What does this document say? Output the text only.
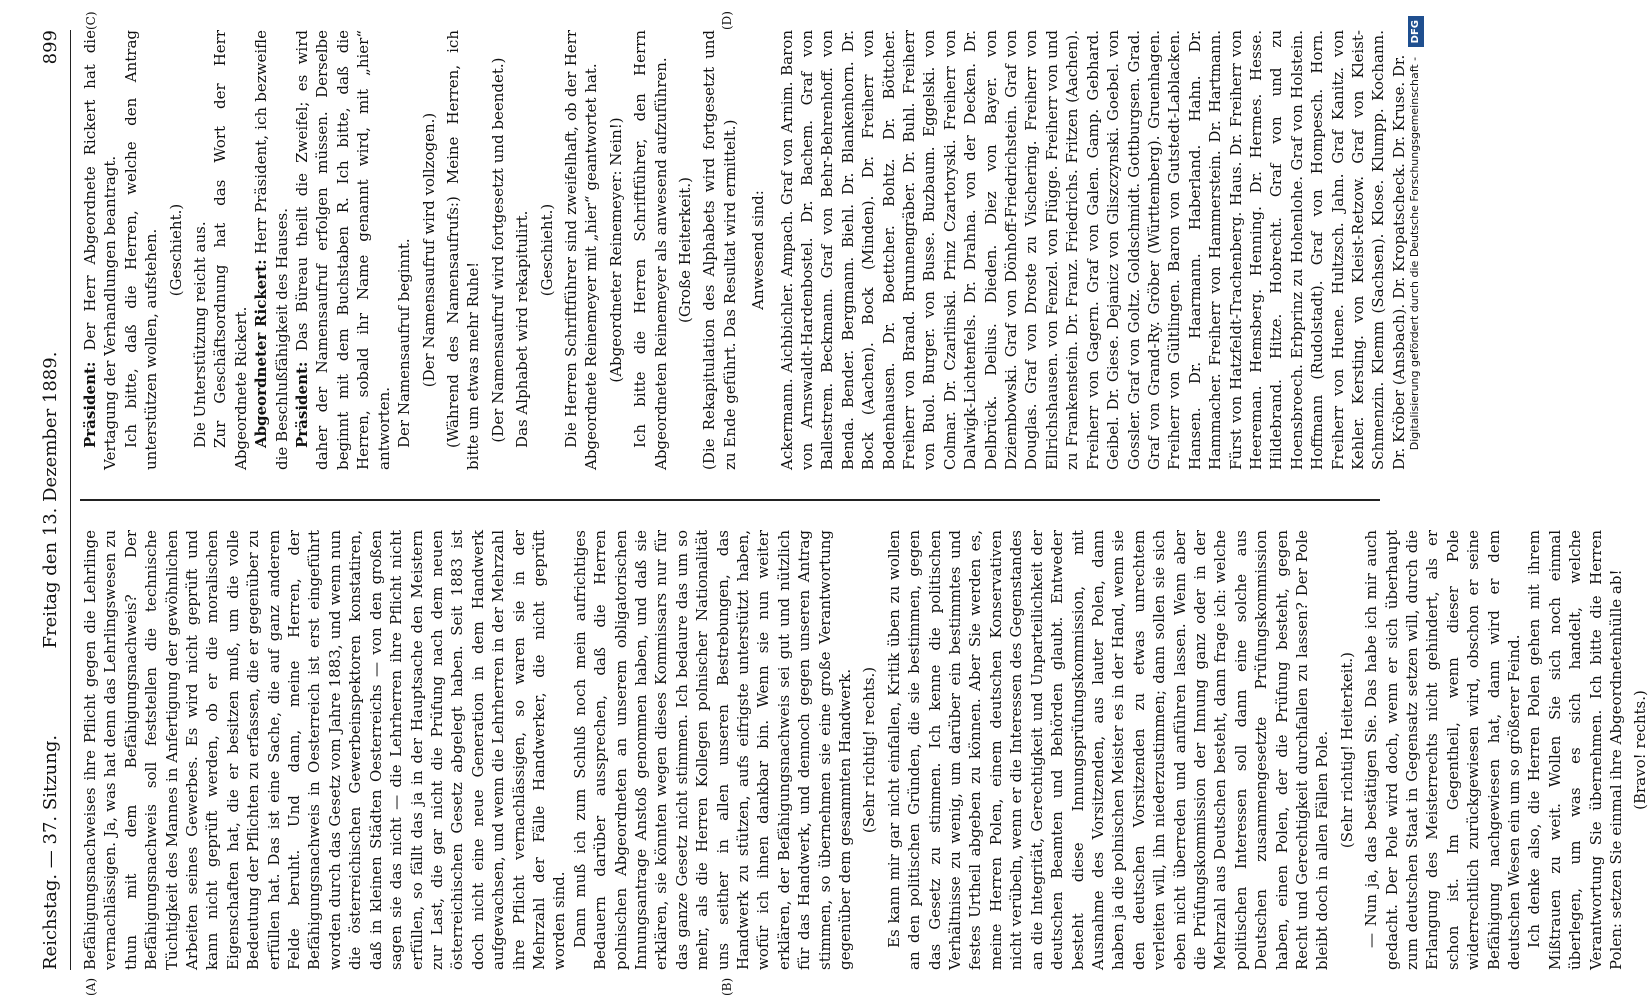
Reichstag. — 37. Sitzung.
Freitag den 13. Dezember 1889.
899
(A)	(B)
(C)	(D)

Befähigungsnachweises ihre Pflicht gegen die Lehrlinge vernachlässigen. Ja, was hat denn das Lehrlingswesen zu thun mit dem Befähigungsnachweis? Der Befähigungsnachweis soll feststellen die technische Tüchtigkeit des Mannes in Anfertigung der gewöhnlichen Arbeiten seines Gewerbes. Es wird nicht geprüft und kann nicht geprüft werden, ob er die moralischen Eigenschaften hat, die er besitzen muß, um die volle Bedeutung der Pflichten zu erfassen, die er gegenüber zu erfüllen hat. Das ist eine Sache, die auf ganz anderem Felde beruht. Und dann, meine Herren, der Befähigungsnachweis in Oesterreich ist erst eingeführt worden durch das Gesetz vom Jahre 1883, und wenn nun die österreichischen Gewerbeinspektoren konstatiren, daß in kleinen Städten Oesterreichs — von den großen sagen sie das nicht — die Lehrherren ihre Pflicht nicht erfüllen, so fällt das ja in der Hauptsache den Meistern zur Last, die gar nicht die Prüfung nach dem neuen österreichischen Gesetz abgelegt haben. Seit 1883 ist doch nicht eine neue Generation in dem Handwerk aufgewachsen, und wenn die Lehrherren in der Mehrzahl ihre Pflicht vernachlässigen, so waren sie in der Mehrzahl der Fälle Handwerker, die nicht geprüft worden sind. Dann muß ich zum Schluß noch mein aufrichtiges Bedauern darüber aussprechen, daß die Herren polnischen Abgeordneten an unserem obligatorischen Innungsantrage Anstoß genommen haben, und daß sie erklären, sie könnten wegen dieses Kommissars nur für das ganze Gesetz nicht stimmen. Ich bedaure das um so mehr, als die Herren Kollegen polnischer Nationalität uns seither in allen unseren Bestrebungen, das Handwerk zu stützen, aufs eifrigste unterstützt haben, wofür ich ihnen dankbar bin. Wenn sie nun weiter erklären, der Befähigungsnachweis sei gut und nützlich für das Handwerk, und dennoch gegen unseren Antrag stimmen, so übernehmen sie eine große Verantwortung gegenüber dem gesammten Handwerk. (Sehr richtig! rechts.) Es kann mir gar nicht einfallen, Kritik üben zu wollen an den politischen Gründen, die sie bestimmen, gegen das Gesetz zu stimmen. Ich kenne die politischen Verhältnisse zu wenig, um darüber ein bestimmtes und festes Urtheil abgeben zu können. Aber Sie werden es, meine Herren Polen, einem deutschen Konservativen nicht verübeln, wenn er die Interessen des Gegenstandes an die Integrität, Gerechtigkeit und Unparteilichkeit der deutschen Beamten und Behörden glaubt. Entweder besteht diese Innungsprüfungskommission, mit Ausnahme des Vorsitzenden, aus lauter Polen, dann haben ja die polnischen Meister es in der Hand, wenn sie den deutschen Vorsitzenden zu etwas unrechtem verleiten will, ihn niederzustimmen; dann sollen sie sich eben nicht überreden und anführen lassen. Wenn aber die Prüfungskommission der Innung ganz oder in der Mehrzahl aus Deutschen besteht, dann frage ich: welche politischen Interessen soll dann eine solche aus Deutschen zusammengesetzte Prüfungskommission haben, einen Polen, der die Prüfung besteht, gegen Recht und Gerechtigkeit durchfallen zu lassen? Der Pole bleibt doch in allen Fällen Pole. (Sehr richtig! Heiterkeit.) — Nun ja, das bestätigen Sie. Das habe ich mir auch gedacht. Der Pole wird doch, wenn er sich überhaupt zum deutschen Staat in Gegensatz setzen will, durch die Erlangung des Meisterrechts nicht gehindert, als er schon ist. Im Gegentheil, wenn dieser Pole widerrechtlich zurückgewiesen wird, obschon er seine Befähigung nachgewiesen hat, dann wird er dem deutschen Wesen ein um so größerer Feind. Ich denke also, die Herren Polen gehen mit ihrem Mißtrauen zu weit. Wollen Sie sich noch einmal überlegen, um was es sich handelt, welche Verantwortung Sie übernehmen. Ich bitte die Herren Polen: setzen Sie einmal ihre Abgeordnetenhülle ab! (Bravo! rechts.)

Präsident: Der Herr Abgeordnete Rickert hat die Vertagung der Verhandlungen beantragt. Ich bitte, daß die Herren, welche den Antrag unterstützen wollen, aufstehen. (Geschieht.) Die Unterstützung reicht aus. Zur Geschäftsordnung hat das Wort der Herr Abgeordnete Rickert. Abgeordneter Rickert: Herr Präsident, ich bezweifle die Beschlußfähigkeit des Hauses. Präsident: Das Büreau theilt die Zweifel; es wird daher der Namensaufruf erfolgen müssen. Derselbe beginnt mit dem Buchstaben R. Ich bitte, daß die Herren, sobald ihr Name genannt wird, mit „hier“ antworten. Der Namensaufruf beginnt. (Der Namensaufruf wird vollzogen.) (Während des Namensaufrufs:) Meine Herren, ich bitte um etwas mehr Ruhe! (Der Namensaufruf wird fortgesetzt und beendet.) Das Alphabet wird rekapitulirt. (Geschieht.) Die Herren Schriftführer sind zweifelhaft, ob der Herr Abgeordnete Reinemeyer mit „hier“ geantwortet hat. (Abgeordneter Reinemeyer: Nein!) Ich bitte die Herren Schriftführer, den Herrn Abgeordneten Reinemeyer als anwesend aufzuführen. (Große Heiterkeit.) (Die Rekapitulation des Alphabets wird fortgesetzt und zu Ende geführt. Das Resultat wird ermittelt.) Anwesend sind: Ackermann. Aichbichler. Ampach. Graf von Arnim. Baron von Arnswaldt-Hardenbostel. Dr. Bachem. Graf von Ballestrem. Beckmann. Graf von Behr-Behrenhoff. von Benda. Bender. Bergmann. Biehl. Dr. Blankenhorn. Dr. Bock (Aachen). Bock (Minden). Dr. Freiherr von Bodenhausen. Dr. Boettcher. Bohtz. Dr. Böttcher. Freiherr von Brand. Brunnengräber. Dr. Buhl. Freiherr von Buol. Burger. von Busse. Buzbaum. Eggelski. von Colmar. Dr. Czarlinski. Prinz Czartoryski. Freiherr von Dalwigk-Lichtenfels. Dr. Drahna. von der Decken. Dr. Delbrück. Delius. Dieden. Diez von Bayer. von Dziembowski. Graf von Dönhoff-Friedrichstein. Graf von Douglas. Graf von Droste zu Vischering. Freiherr von Ellrichshausen. von Fenzel. von Flügge. Freiherr von und zu Frankenstein. Dr. Franz. Friedrichs. Fritzen (Aachen). Freiherr von Gagern. Graf von Galen. Gamp. Gebhard. Geibel. Dr. Giese. Dejanicz von Gliszczynski. Goebel. von Gossler. Graf von Goltz. Goldschmidt. Gottburgsen. Grad. Graf von Grand-Ry. Gröber (Württemberg). Gruenhagen. Freiherr von Gültlingen. Baron von Gutstedt-Lablacken. Hansen. Dr. Haarmann. Haberland. Hahn. Dr. Hammacher. Freiherr von Hammerstein. Dr. Hartmann. Fürst von Hatzfeldt-Trachenberg. Haus. Dr. Freiherr von Heereman. Hemsberg. Henning. Dr. Hermes. Hesse. Hildebrand. Hitze. Hobrecht. Graf von und zu Hoensbroech. Erbprinz zu Hohenlohe. Graf von Holstein. Hoffmann (Rudolstadt). Graf von Hompesch. Horn. Freiherr von Huene. Hultzsch. Jahn. Graf Kanitz. von Kehler. Kersting. von Kleist-Retzow. Graf von Kleist-Schmenzin. Klemm (Sachsen). Klose. Klumpp. Kochann. Dr. Kröber (Ansbach). Dr. Kropatscheck. Dr. Kruse. Dr. Digitalisierung gefördert durch die Deutsche Forschungsgemeinschaft - DFG
